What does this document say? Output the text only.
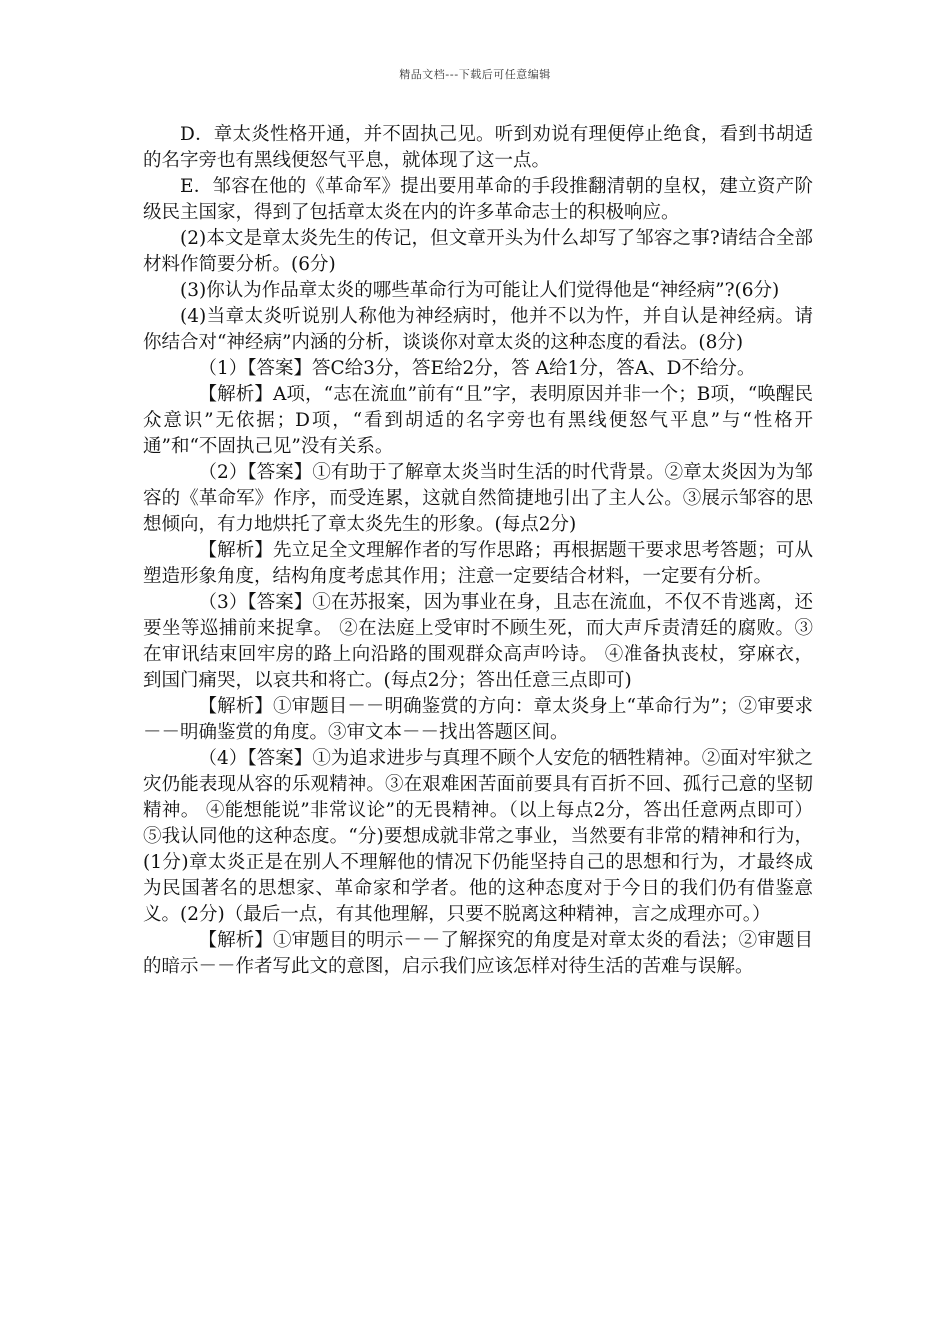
精品文档---下载后可任意编辑

D．章太炎性格开通，并不固执己见。听到劝说有理便停止绝食，看到书胡适的名字旁也有黑线便怒气平息，就体现了这一点。

E．邹容在他的《革命军》提出要用革命的手段推翻清朝的皇权，建立资产阶级民主国家，得到了包括章太炎在内的许多革命志士的积极响应。

(2)本文是章太炎先生的传记，但文章开头为什么却写了邹容之事?请结合全部材料作简要分析。(6分)

(3)你认为作品章太炎的哪些革命行为可能让人们觉得他是“神经病”?(6分)

(4)当章太炎听说别人称他为神经病时，他并不以为忤，并自认是神经病。请你结合对“神经病”内涵的分析，谈谈你对章太炎的这种态度的看法。(8分)

（1）【答案】答C给3分，答E给2分，答 A给1分，答A、D不给分。

【解析】A项，“志在流血”前有“且”字，表明原因并非一个；B项，“唤醒民众意识”无依据；D项，“看到胡适的名字旁也有黑线便怒气平息”与“性格开通”和“不固执己见”没有关系。

（2）【答案】①有助于了解章太炎当时生活的时代背景。②章太炎因为为邹容的《革命军》作序，而受连累，这就自然简捷地引出了主人公。③展示邹容的思想倾向，有力地烘托了章太炎先生的形象。(每点2分)

【解析】先立足全文理解作者的写作思路；再根据题干要求思考答题；可从塑造形象角度，结构角度考虑其作用；注意一定要结合材料，一定要有分析。

（3）【答案】①在苏报案，因为事业在身，且志在流血，不仅不肯逃离，还要坐等巡捕前来捉拿。 ②在法庭上受审时不顾生死，而大声斥责清廷的腐败。③在审讯结束回牢房的路上向沿路的围观群众高声吟诗。 ④准备执丧杖，穿麻衣，到国门痛哭，以哀共和将亡。(每点2分；答出任意三点即可)

【解析】①审题目－－明确鉴赏的方向：章太炎身上“革命行为”；②审要求－－明确鉴赏的角度。③审文本－－找出答题区间。

（4）【答案】①为追求进步与真理不顾个人安危的牺牲精神。②面对牢狱之灾仍能表现从容的乐观精神。③在艰难困苦面前要具有百折不回、孤行己意的坚韧精神。 ④能想能说”非常议论”的无畏精神。（以上每点2分，答出任意两点即可）⑤我认同他的这种态度。“分)要想成就非常之事业，当然要有非常的精神和行为，(1分)章太炎正是在别人不理解他的情况下仍能坚持自己的思想和行为，才最终成为民国著名的思想家、革命家和学者。他的这种态度对于今日的我们仍有借鉴意义。(2分)（最后一点，有其他理解，只要不脱离这种精神，言之成理亦可。）

【解析】①审题目的明示－－了解探究的角度是对章太炎的看法；②审题目的暗示－－作者写此文的意图，启示我们应该怎样对待生活的苦难与误解。
